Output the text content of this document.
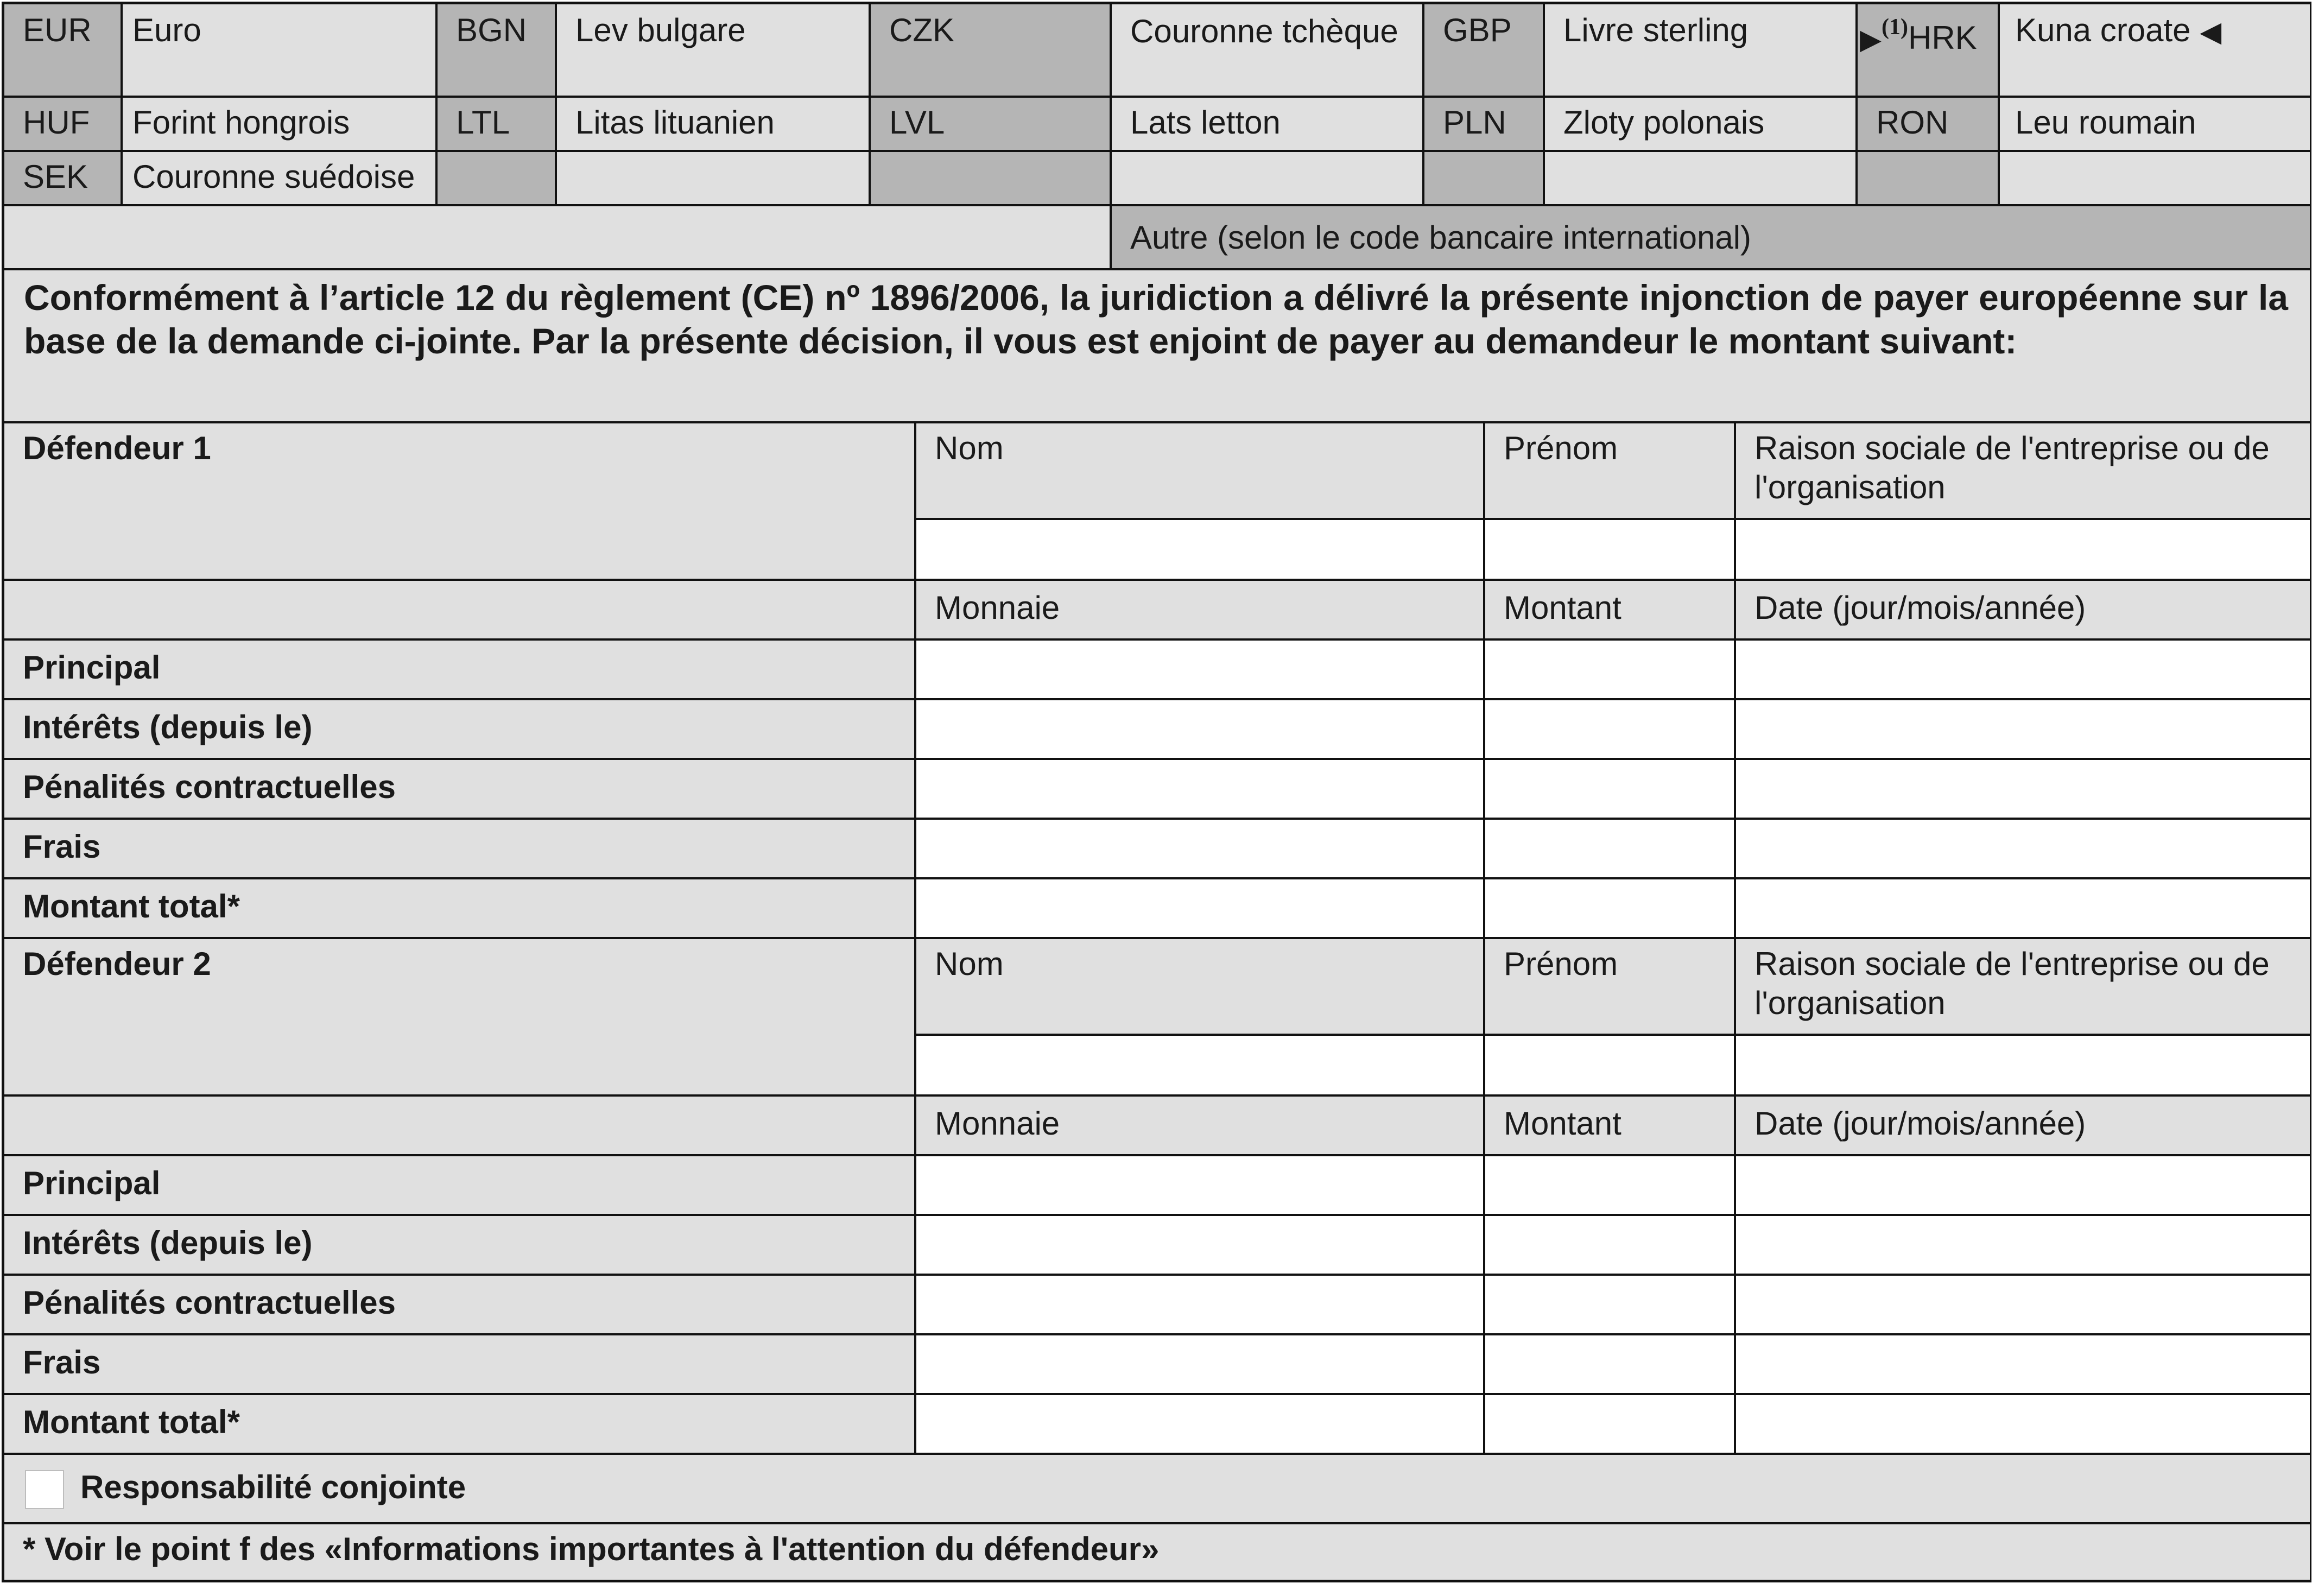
EUR	Euro	BGN	Lev bulgare	CZK	Couronne tchèque	GBP	Livre sterling	▶$^{(1)}$HRK	Kuna croate ◀
HUF	Forint hongrois	LTL	Litas lituanien	LVL	Lats letton	PLN	Zloty polonais	RON	Leu roumain
SEK	Couronne suédoise
Autre (selon le code bancaire international)
Conformément à l’article 12 du règlement (CE) nº 1896/2006, la juridiction a délivré la présente injonction de payer européenne sur la base de la demande ci-jointe. Par la présente décision, il vous est enjoint de payer au demandeur le montant suivant:
Défendeur 1	Nom	Prénom	Raison sociale de l'entreprise ou de l'organisation
Monnaie	Montant	Date (jour/mois/année)
Principal
Intérêts (depuis le)
Pénalités contractuelles
Frais
Montant total*
Défendeur 2	Nom	Prénom	Raison sociale de l'entreprise ou de l'organisation
Monnaie	Montant	Date (jour/mois/année)
Principal
Intérêts (depuis le)
Pénalités contractuelles
Frais
Montant total*
Responsabilité conjointe
* Voir le point f des «Informations importantes à l'attention du défendeur»
